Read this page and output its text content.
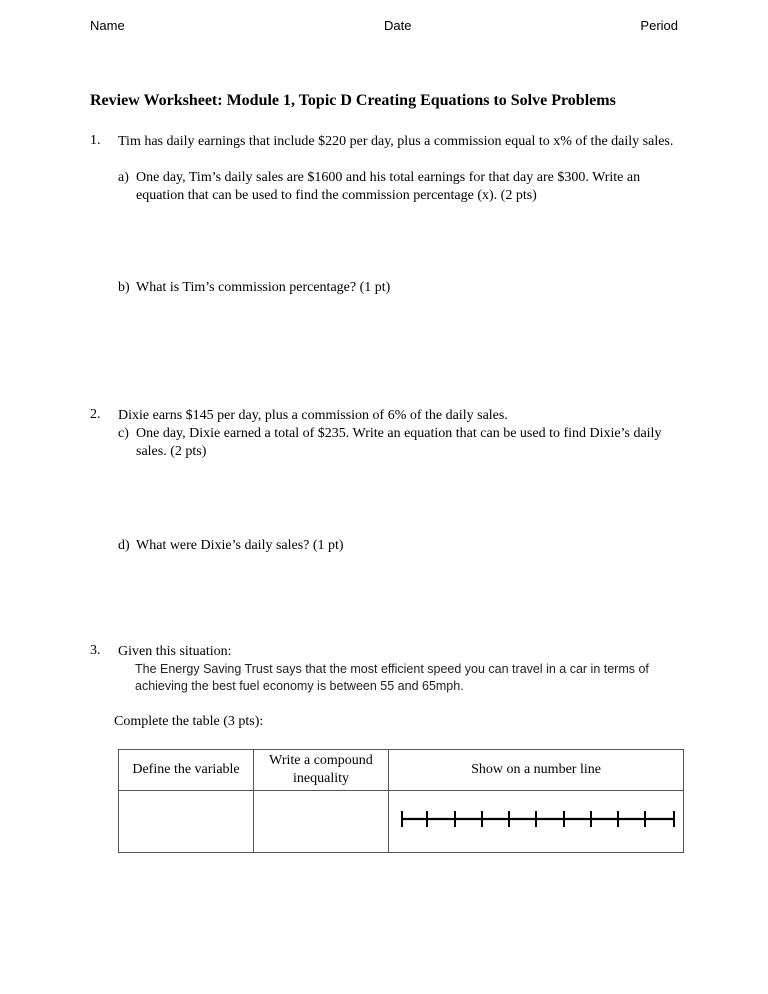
Name	Date	Period
Review Worksheet: Module 1, Topic D Creating Equations to Solve Problems
1. Tim has daily earnings that include $220 per day, plus a commission equal to x% of the daily sales.
a) One day, Tim’s daily sales are $1600 and his total earnings for that day are $300. Write an equation that can be used to find the commission percentage (x). (2 pts)
b) What is Tim’s commission percentage? (1 pt)
2. Dixie earns $145 per day, plus a commission of 6% of the daily sales.
c) One day, Dixie earned a total of $235. Write an equation that can be used to find Dixie’s daily sales. (2 pts)
d) What were Dixie’s daily sales? (1 pt)
3. Given this situation:
The Energy Saving Trust says that the most efficient speed you can travel in a car in terms of achieving the best fuel economy is between 55 and 65mph.
Complete the table (3 pts):
Define the variable	Write a compound inequality	Show on a number line
